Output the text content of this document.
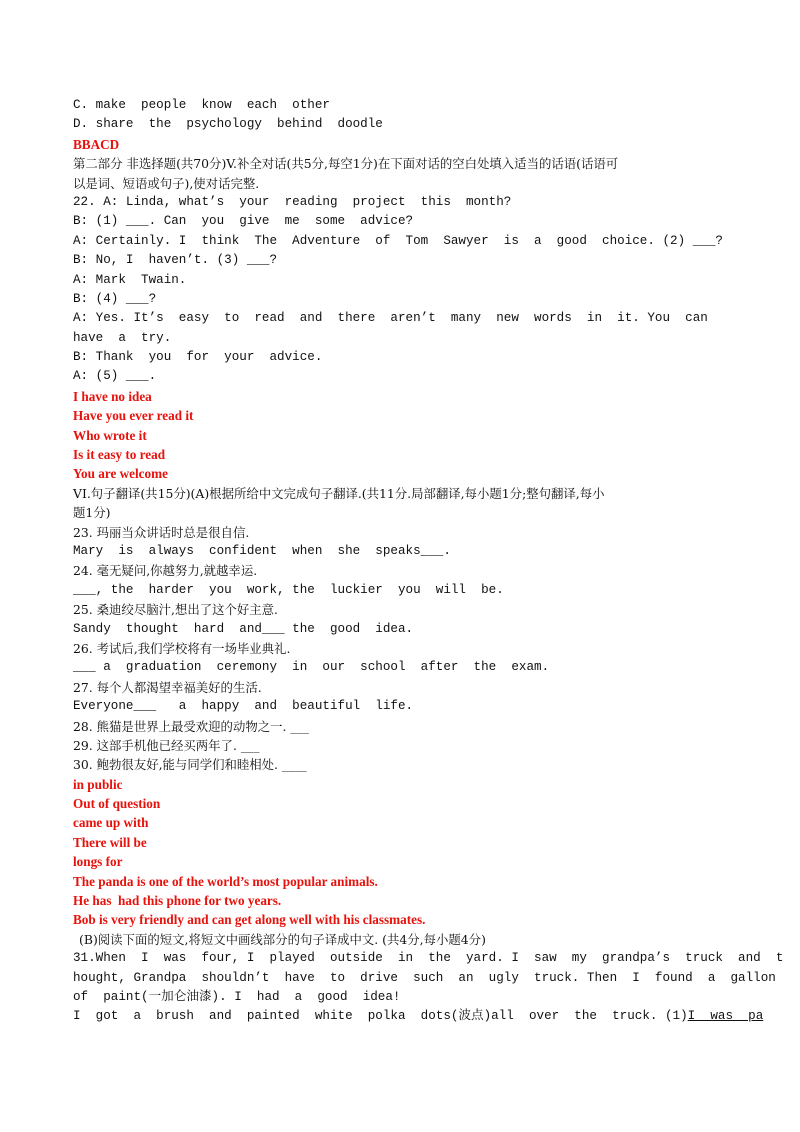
C. make  people  know  each  other
D. share  the  psychology  behind  doodle
BBACD
第二部分 非选择题(共70分)V.补全对话(共5分,每空1分)在下面对话的空白处填入适当的话语(话语可
以是词、短语或句子),使对话完整.
22. A: Linda, what’s  your  reading  project  this  month?
B: (1) ___. Can  you  give  me  some  advice?
A: Certainly. I  think  The  Adventure  of  Tom  Sawyer  is  a  good  choice. (2) ___?
B: No, I  haven’t. (3) ___?
A: Mark  Twain.
B: (4) ___?
A: Yes. It’s  easy  to  read  and  there  aren’t  many  new  words  in  it. You  can
have  a  try.
B: Thank  you  for  your  advice.
A: (5) ___.
I have no idea
Have you ever read it
Who wrote it
Is it easy to read
You are welcome
VI.句子翻译(共15分)(A)根据所给中文完成句子翻译.(共11分.局部翻译,每小题1分;整句翻译,每小
题1分)
23. 玛丽当众讲话时总是很自信.
Mary  is  always  confident  when  she  speaks___.
24. 毫无疑问,你越努力,就越幸运.
___, the  harder  you  work, the  luckier  you  will  be.
25. 桑迪绞尽脑汁,想出了这个好主意.
Sandy  thought  hard  and___ the  good  idea.
26. 考试后,我们学校将有一场毕业典礼.
___ a  graduation  ceremony  in  our  school  after  the  exam.
27. 每个人都渴望幸福美好的生活.
Everyone___   a  happy  and  beautiful  life.
28. 熊猫是世界上最受欢迎的动物之一. ___
29. 这部手机他已经买两年了. ___
30. 鲍勃很友好,能与同学们和睦相处. ____
in public
Out of question
came up with
There will be
longs for
The panda is one of the world’s most popular animals.
He has  had this phone for two years.
Bob is very friendly and can get along well with his classmates.
(B)阅读下面的短文,将短文中画线部分的句子译成中文. (共4分,每小题4分)
31.When  I  was  four, I  played  outside  in  the  yard. I  saw  my  grandpa’s  truck  and  t
hought, Grandpa  shouldn’t  have  to  drive  such  an  ugly  truck. Then  I  found  a  gallon
of  paint(一加仑油漆). I  had  a  good  idea!
I  got  a  brush  and  painted  white  polka  dots(波点)all  over  the  truck. (1)I  was  pa
